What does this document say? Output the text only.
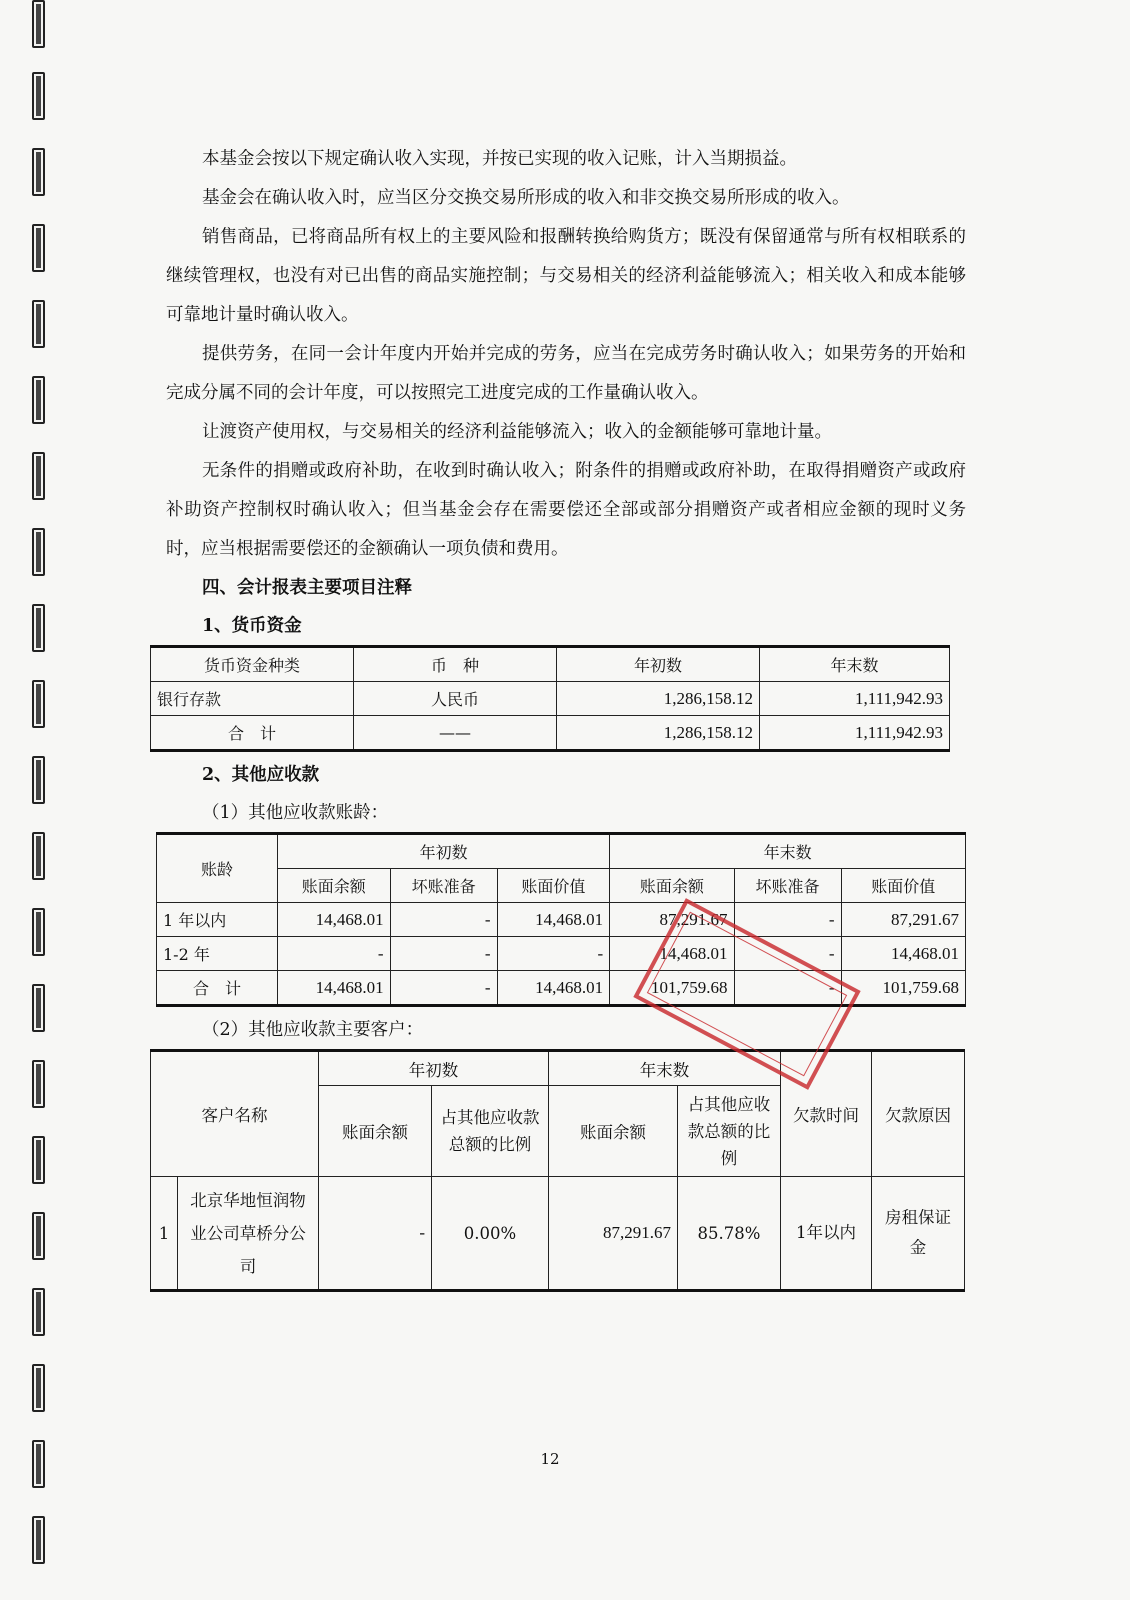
本基金会按以下规定确认收入实现，并按已实现的收入记账，计入当期损益。

基金会在确认收入时，应当区分交换交易所形成的收入和非交换交易所形成的收入。

销售商品，已将商品所有权上的主要风险和报酬转换给购货方；既没有保留通常与所有权相联系的继续管理权，也没有对已出售的商品实施控制；与交易相关的经济利益能够流入；相关收入和成本能够可靠地计量时确认收入。

提供劳务，在同一会计年度内开始并完成的劳务，应当在完成劳务时确认收入；如果劳务的开始和完成分属不同的会计年度，可以按照完工进度完成的工作量确认收入。

让渡资产使用权，与交易相关的经济利益能够流入；收入的金额能够可靠地计量。

无条件的捐赠或政府补助，在收到时确认收入；附条件的捐赠或政府补助，在取得捐赠资产或政府补助资产控制权时确认收入；但当基金会存在需要偿还全部或部分捐赠资产或者相应金额的现时义务时，应当根据需要偿还的金额确认一项负债和费用。

四、会计报表主要项目注释

1、货币资金

货币资金种类	币　种	年初数	年末数
银行存款	人民币	1,286,158.12	1,111,942.93
合　计	——	1,286,158.12	1,111,942.93

2、其他应收款

（1）其他应收款账龄：

账龄	年初数			年末数		
	账面余额	坏账准备	账面价值	账面余额	坏账准备	账面价值
1 年以内	14,468.01	-	14,468.01	87,291.67	-	87,291.67
1-2 年	-	-	-	14,468.01	-	14,468.01
合　计	14,468.01	-	14,468.01	101,759.68	-	101,759.68

（2）其他应收款主要客户：

客户名称		年初数		年末数		欠款时间	欠款原因
		账面余额	占其他应收款总额的比例	账面余额	占其他应收款总额的比例		
1	北京华地恒润物业公司草桥分公司	-	0.00%	87,291.67	85.78%	1年以内	房租保证金
12
